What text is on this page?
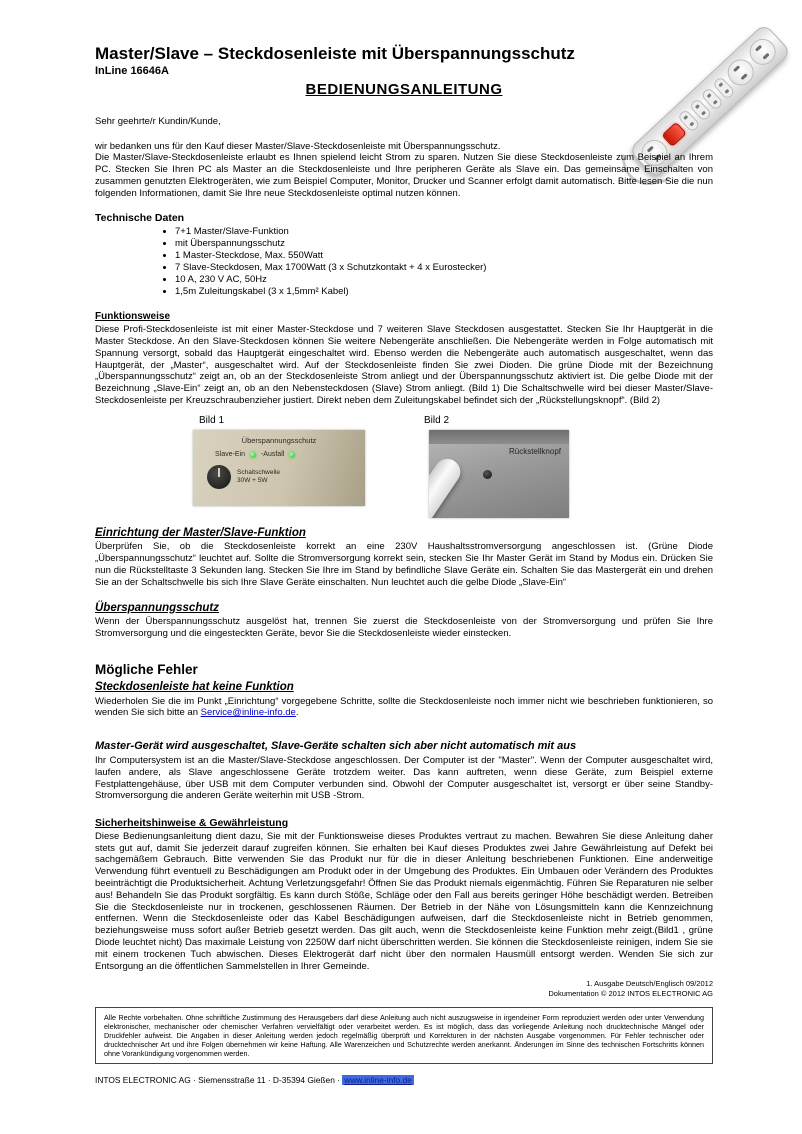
Master/Slave – Steckdosenleiste mit Überspannungsschutz
InLine 16646A
BEDIENUNGSANLEITUNG
Sehr geehrte/r Kundin/Kunde,
wir bedanken uns für den Kauf dieser Master/Slave-Steckdosenleiste mit Überspannungsschutz.
Die Master/Slave-Steckdosenleiste erlaubt es Ihnen spielend leicht Strom zu sparen. Nutzen Sie diese Steckdosenleiste zum Beispiel an Ihrem PC. Stecken Sie Ihren PC als Master an die Steckdosenleiste und Ihre peripheren Geräte als Slave ein. Das gemeinsame Einschalten von zusammen genutzten Elektrogeräten, wie zum Beispiel Computer, Monitor, Drucker und Scanner erfolgt damit automatisch. Bitte lesen Sie die nun folgenden Informationen, damit Sie Ihre neue Steckdosenleiste optimal nutzen können.
Technische Daten
• 7+1 Master/Slave-Funktion
• mit Überspannungsschutz
• 1 Master-Steckdose, Max. 550Watt
• 7 Slave-Steckdosen, Max 1700Watt (3 x Schutzkontakt + 4 x Eurostecker)
• 10 A, 230 V AC, 50Hz
• 1,5m Zuleitungskabel (3 x 1,5mm² Kabel)
Funktionsweise
Diese Profi-Steckdosenleiste ist mit einer Master-Steckdose und 7 weiteren Slave Steckdosen ausgestattet. Stecken Sie Ihr Hauptgerät in die Master Steckdose. An den Slave-Steckdosen können Sie weitere Nebengeräte anschließen. Die Nebengeräte werden in Folge automatisch mit Spannung versorgt, sobald das Hauptgerät eingeschaltet wird. Ebenso werden die Nebengeräte auch automatisch ausgeschaltet, wenn das Hauptgerät, der „Master“, ausgeschaltet wird. Auf der Steckdosenleiste finden Sie zwei Dioden. Die grüne Diode mit der Bezeichnung „Überspannungsschutz“ zeigt an, ob an der Steckdosenleiste Strom anliegt und der Überspannungsschutz aktiviert ist. Die gelbe Diode mit der Bezeichnung „Slave-Ein“ zeigt an, ob an den Nebensteckdosen (Slave) Strom anliegt. (Bild 1) Die Schaltschwelle wird bei dieser Master/Slave-Steckdosenleiste per Kreuzschraubenzieher justiert. Direkt neben dem Zuleitungskabel befindet sich der „Rückstellungsknopf“. (Bild 2)
Bild 1	Bild 2
Überspannungsschutz
Slave-Ein -Ausfall
Schaltschwelle
30W + 5W
Rückstellknopf
Einrichtung der Master/Slave-Funktion
Überprüfen Sie, ob die Steckdosenleiste korrekt an eine 230V Haushaltsstromversorgung angeschlossen ist. (Grüne Diode „Überspannungsschutz“ leuchtet auf. Sollte die Stromversorgung korrekt sein, stecken Sie Ihr Master Gerät im Stand by Modus ein. Drücken Sie nun die Rückstelltaste 3 Sekunden lang. Stecken Sie Ihre im Stand by befindliche Slave Geräte ein. Schalten Sie das Mastergerät ein und drehen Sie an der Schaltschwelle bis sich Ihre Slave Geräte einschalten. Nun leuchtet auch die gelbe Diode „Slave-Ein“
Überspannungsschutz
Wenn der Überspannungsschutz ausgelöst hat, trennen Sie zuerst die Steckdosenleiste von der Stromversorgung und prüfen Sie Ihre Stromversorgung und die eingesteckten Geräte, bevor Sie die Steckdosenleiste wieder einstecken.
Mögliche Fehler
Steckdosenleiste hat keine Funktion
Wiederholen Sie die im Punkt „Einrichtung“ vorgegebene Schritte, sollte die Steckdosenleiste noch immer nicht wie beschrieben funktionieren, so wenden Sie sich bitte an Service@inline-info.de.
Master-Gerät wird ausgeschaltet, Slave-Geräte schalten sich aber nicht automatisch mit aus
Ihr Computersystem ist an die Master/Slave-Steckdose angeschlossen. Der Computer ist der "Master". Wenn der Computer ausgeschaltet wird, laufen andere, als Slave angeschlossene Geräte trotzdem weiter. Das kann auftreten, wenn diese Geräte, zum Beispiel externe Festplattengehäuse, über USB mit dem Computer verbunden sind. Obwohl der Computer ausgeschaltet ist, versorgt er über seine Standby-Stromversorgung die anderen Geräte weiterhin mit USB -Strom.
Sicherheitshinweise & Gewährleistung
Diese Bedienungsanleitung dient dazu, Sie mit der Funktionsweise dieses Produktes vertraut zu machen. Bewahren Sie diese Anleitung daher stets gut auf, damit Sie jederzeit darauf zugreifen können. Sie erhalten bei Kauf dieses Produktes zwei Jahre Gewährleistung auf Defekt bei sachgemäßem Gebrauch. Bitte verwenden Sie das Produkt nur für die in dieser Anleitung beschriebenen Funktionen. Eine anderweitige Verwendung führt eventuell zu Beschädigungen am Produkt oder in der Umgebung des Produktes. Ein Umbauen oder Verändern des Produktes beeinträchtigt die Produktsicherheit. Achtung Verletzungsgefahr! Öffnen Sie das Produkt niemals eigenmächtig. Führen Sie Reparaturen nie selber aus! Behandeln Sie das Produkt sorgfältig. Es kann durch Stöße, Schläge oder den Fall aus bereits geringer Höhe beschädigt werden. Betreiben Sie die Steckdosenleiste nur in trockenen, geschlossenen Räumen. Der Betrieb in der Nähe von Lösungsmitteln kann die Kennzeichnung entfernen. Wenn die Steckdosenleiste oder das Kabel Beschädigungen aufweisen, darf die Steckdosenleiste nicht in Betrieb genommen, beziehungsweise muss sofort außer Betrieb gesetzt werden. Das gilt auch, wenn die Steckdosenleiste keine Funktion mehr zeigt.(Bild1 , grüne Diode leuchtet nicht) Das maximale Leistung von 2250W darf nicht überschritten werden. Sie können die Steckdosenleiste reinigen, indem Sie sie mit einem trockenen Tuch abwischen. Dieses Elektrogerät darf nicht über den normalen Hausmüll entsorgt werden. Wenden Sie sich zur Entsorgung an die öffentlichen Sammelstellen in Ihrer Gemeinde.
1. Ausgabe Deutsch/Englisch 09/2012
Dokumentation © 2012 INTOS ELECTRONIC AG
Alle Rechte vorbehalten. Ohne schriftliche Zustimmung des Herausgebers darf diese Anleitung auch nicht auszugsweise in irgendeiner Form reproduziert werden oder unter Verwendung elektronischer, mechanischer oder chemischer Verfahren vervielfältigt oder verarbeitet werden. Es ist möglich, dass das vorliegende Anleitung noch drucktechnische Mängel oder Druckfehler aufweist. Die Angaben in dieser Anleitung werden jedoch regelmäßig überprüft und Korrekturen in der nächsten Ausgabe vorgenommen. Für Fehler technischer oder drucktechnischer Art und ihre Folgen übernehmen wir keine Haftung. Alle Warenzeichen und Schutzrechte werden anerkannt. Änderungen im Sinne des technischen Fortschritts können ohne Vorankündigung vorgenommen werden.
INTOS ELECTRONIC AG · Siemensstraße 11 · D-35394 Gießen · www.inline-info.de
